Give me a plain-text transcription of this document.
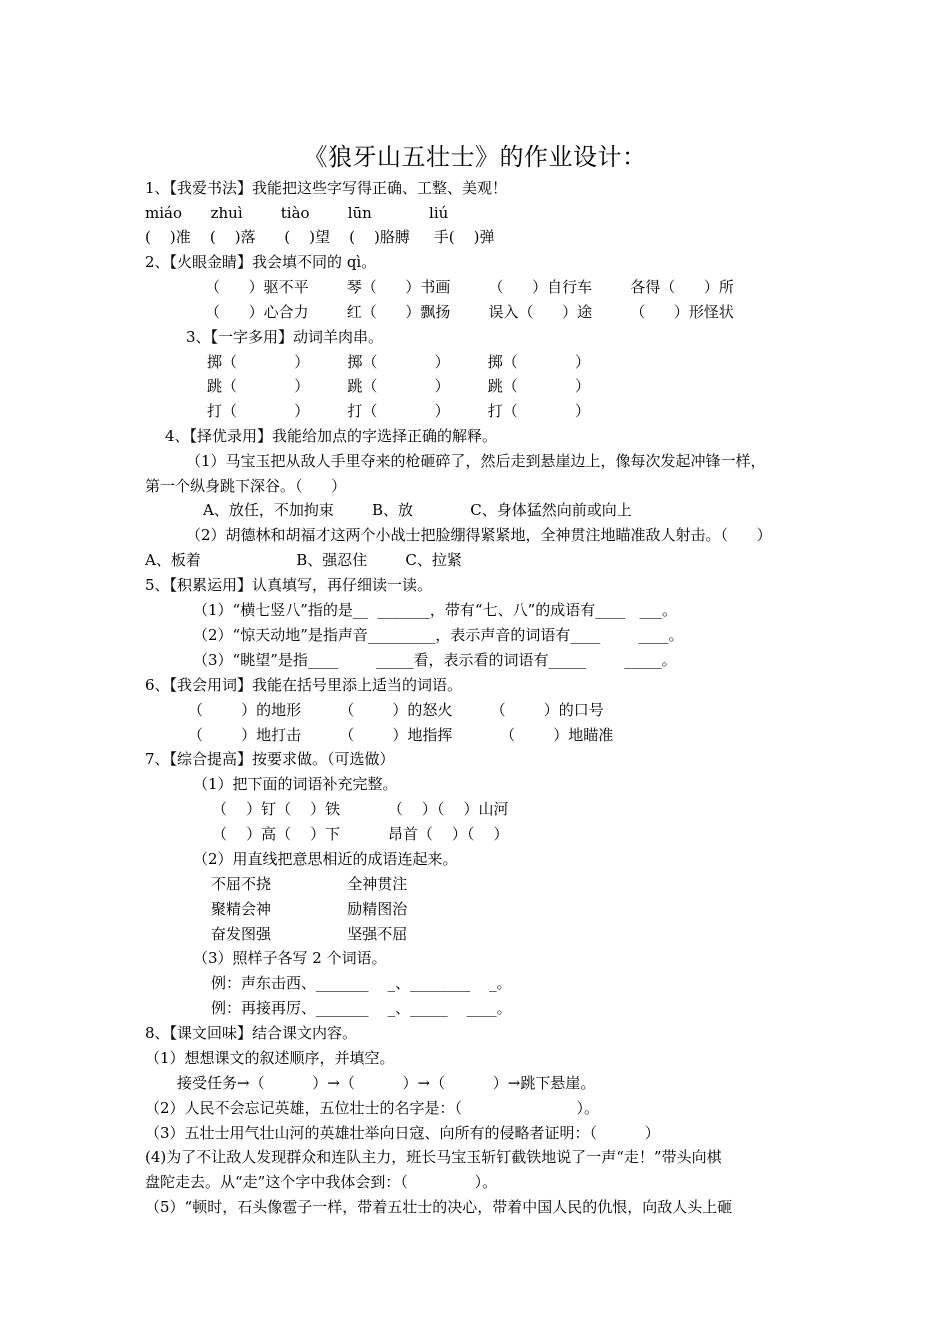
《狼牙山五壮士》的作业设计：
1、【我爱书法】我能把这些字写得正确、工整、美观！
miáo      zhuì        tiào        lūn            liú
(    )准    (    )落      (    )望    (    )胳膊     手(    )弹
2、【火眼金睛】我会填不同的 qì。
（      ）驱不平        琴（      ）书画        （      ）自行车        各得（      ）所
（      ）心合力        红（      ）飘扬        误入（      ）途        （      ）形怪状
3、【一字多用】动词羊肉串。
掷（            ）        掷（            ）        掷（            ）
跳（            ）        跳（            ）        跳（            ）
打（            ）        打（            ）        打（            ）
4、【择优录用】我能给加点的字选择正确的解释。
（1）马宝玉把从敌人手里夺来的枪砸碎了，然后走到悬崖边上，像每次发起冲锋一样，
第一个纵身跳下深谷。（      ）
A、放任，不加拘束        B、放            C、身体猛然向前或向上
（2）胡德林和胡福才这两个小战士把脸绷得紧紧地，全神贯注地瞄准敌人射击。（      ）
A、板着                    B、强忍住        C、拉紧
5、【积累运用】认真填写，再仔细读一读。
（1）“横七竖八”指的是__  _______，带有“七、八”的成语有____   ___。
（2）“惊天动地”是指声音_________，表示声音的词语有____        ____。
（3）“眺望”是指____        _____看，表示看的词语有_____        _____。
6、【我会用词】我能在括号里添上适当的词语。
（        ）的地形        （        ）的怒火        （        ）的口号
（        ）地打击        （        ）地指挥          （        ）地瞄准
7、【综合提高】按要求做。（可选做）
（1）把下面的词语补充完整。
（    ）钉（    ）铁          （    ）（    ）山河
（    ）高（    ）下          昂首（    ）（    ）
（2）用直线把意思相近的成语连起来。
不屈不挠                全神贯注
聚精会神                励精图治
奋发图强                坚强不屈
（3）照样子各写 2 个词语。
例：声东击西、_______    _、________    _。
例：再接再厉、_______    _、_____    ____。
8、【课文回味】结合课文内容。
（1）想想课文的叙述顺序，并填空。
接受任务→（          ）→（          ）→（          ）→跳下悬崖。
（2）人民不会忘记英雄，五位壮士的名字是：（                        ）。
（3）五壮士用气壮山河的英雄壮举向日寇、向所有的侵略者证明：（          ）
(4)为了不让敌人发现群众和连队主力，班长马宝玉斩钉截铁地说了一声“走！”带头向棋
盘陀走去。从“走”这个字中我体会到：（              ）。
（5）“顿时，石头像雹子一样，带着五壮士的决心，带着中国人民的仇恨，向敌人头上砸
